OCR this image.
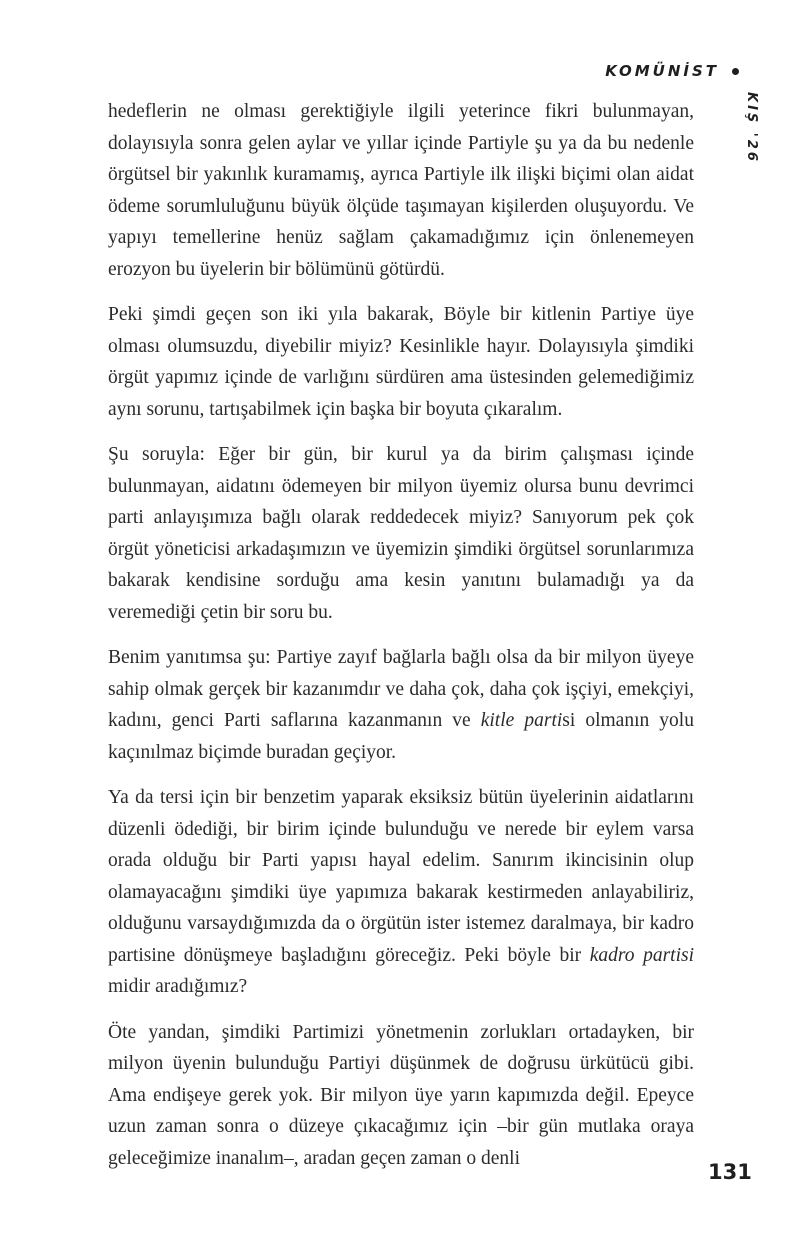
KOMÜNİST
KIŞ '26

hedeflerin ne olması gerektiğiyle ilgili yeterince fikri bulunmayan, dolayısıyla sonra gelen aylar ve yıllar içinde Partiyle şu ya da bu nedenle örgütsel bir yakınlık kuramamış, ayrıca Partiyle ilk ilişki biçimi olan aidat ödeme sorumluluğunu büyük ölçüde taşımayan kişilerden oluşuyordu. Ve yapıyı temellerine henüz sağlam çakamadığımız için önlenemeyen erozyon bu üyelerin bir bölümünü götürdü.

Peki şimdi geçen son iki yıla bakarak, Böyle bir kitlenin Partiye üye olması olumsuzdu, diyebilir miyiz? Kesinlikle hayır. Dolayısıyla şimdiki örgüt yapımız içinde de varlığını sürdüren ama üstesinden gelemediğimiz aynı sorunu, tartışabilmek için başka bir boyuta çıkaralım.

Şu soruyla: Eğer bir gün, bir kurul ya da birim çalışması içinde bulunmayan, aidatını ödemeyen bir milyon üyemiz olursa bunu devrimci parti anlayışımıza bağlı olarak reddedecek miyiz? Sanıyorum pek çok örgüt yöneticisi arkadaşımızın ve üyemizin şimdiki örgütsel sorunlarımıza bakarak kendisine sorduğu ama kesin yanıtını bulamadığı ya da veremediği çetin bir soru bu.

Benim yanıtımsa şu: Partiye zayıf bağlarla bağlı olsa da bir milyon üyeye sahip olmak gerçek bir kazanımdır ve daha çok, daha çok işçiyi, emekçiyi, kadını, genci Parti saflarına kazanmanın ve kitle partisi olmanın yolu kaçınılmaz biçimde buradan geçiyor.

Ya da tersi için bir benzetim yaparak eksiksiz bütün üyelerinin aidatlarını düzenli ödediği, bir birim içinde bulunduğu ve nerede bir eylem varsa orada olduğu bir Parti yapısı hayal edelim. Sanırım ikincisinin olup olamayacağını şimdiki üye yapımıza bakarak kestirmeden anlayabiliriz, olduğunu varsaydığımızda da o örgütün ister istemez daralmaya, bir kadro partisine dönüşmeye başladığını göreceğiz. Peki böyle bir kadro partisi midir aradığımız?

Öte yandan, şimdiki Partimizi yönetmenin zorlukları ortadayken, bir milyon üyenin bulunduğu Partiyi düşünmek de doğrusu ürkütücü gibi. Ama endişeye gerek yok. Bir milyon üye yarın kapımızda değil. Epeyce uzun zaman sonra o düzeye çıkacağımız için –bir gün mutlaka oraya geleceğimize inanalım–, aradan geçen zaman o denli

131
